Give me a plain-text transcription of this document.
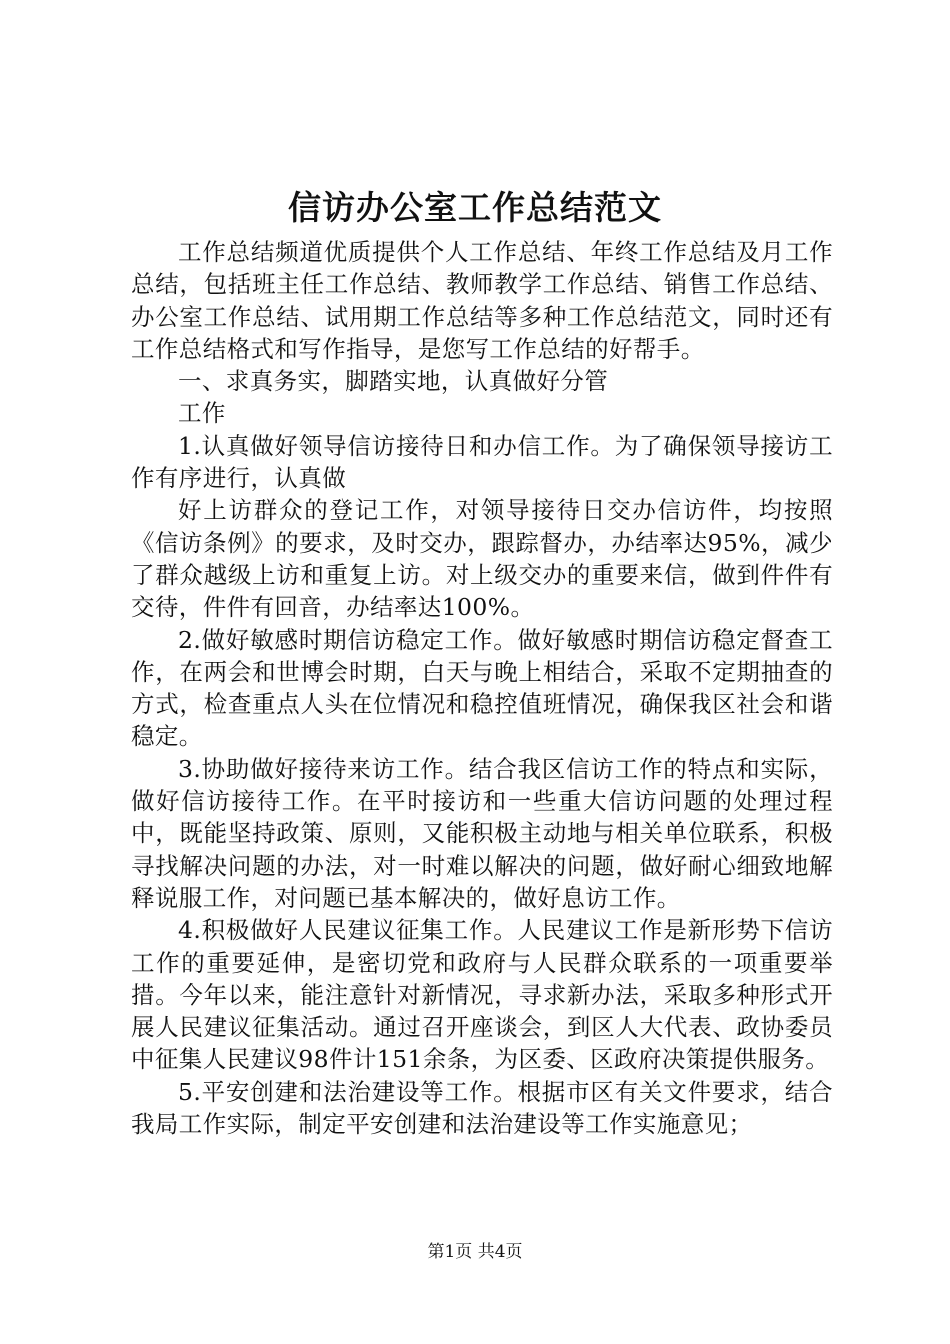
信访办公室工作总结范文

工作总结频道优质提供个人工作总结、年终工作总结及月工作总结，包括班主任工作总结、教师教学工作总结、销售工作总结、办公室工作总结、试用期工作总结等多种工作总结范文，同时还有工作总结格式和写作指导，是您写工作总结的好帮手。

一、求真务实，脚踏实地，认真做好分管

工作

1.认真做好领导信访接待日和办信工作。为了确保领导接访工作有序进行，认真做

好上访群众的登记工作，对领导接待日交办信访件，均按照《信访条例》的要求，及时交办，跟踪督办，办结率达95%，减少了群众越级上访和重复上访。对上级交办的重要来信，做到件件有交待，件件有回音，办结率达100%。

2.做好敏感时期信访稳定工作。做好敏感时期信访稳定督查工作，在两会和世博会时期，白天与晚上相结合，采取不定期抽查的方式，检查重点人头在位情况和稳控值班情况，确保我区社会和谐稳定。

3.协助做好接待来访工作。结合我区信访工作的特点和实际，做好信访接待工作。在平时接访和一些重大信访问题的处理过程中，既能坚持政策、原则，又能积极主动地与相关单位联系，积极寻找解决问题的办法，对一时难以解决的问题，做好耐心细致地解释说服工作，对问题已基本解决的，做好息访工作。

4.积极做好人民建议征集工作。人民建议工作是新形势下信访工作的重要延伸，是密切党和政府与人民群众联系的一项重要举措。今年以来，能注意针对新情况，寻求新办法，采取多种形式开展人民建议征集活动。通过召开座谈会，到区人大代表、政协委员中征集人民建议98件计151余条，为区委、区政府决策提供服务。

5.平安创建和法治建设等工作。根据市区有关文件要求，结合我局工作实际，制定平安创建和法治建设等工作实施意见；

第1页 共4页
